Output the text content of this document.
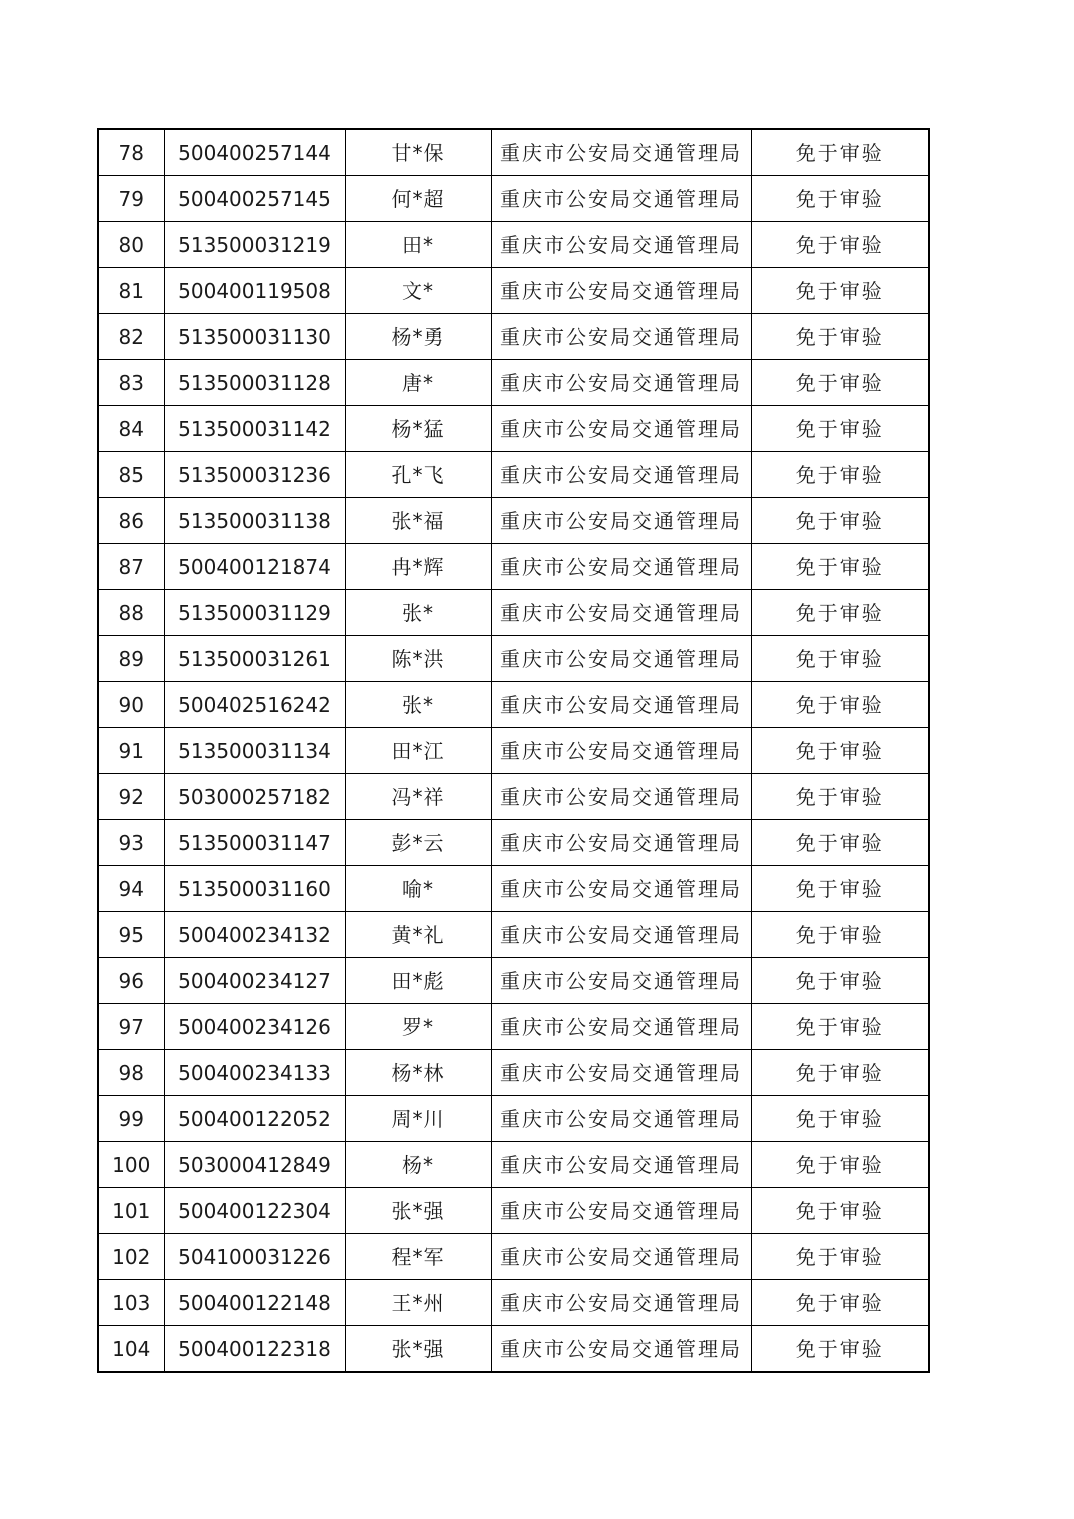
78	500400257144	甘*保	重庆市公安局交通管理局	免于审验
79	500400257145	何*超	重庆市公安局交通管理局	免于审验
80	513500031219	田*	重庆市公安局交通管理局	免于审验
81	500400119508	文*	重庆市公安局交通管理局	免于审验
82	513500031130	杨*勇	重庆市公安局交通管理局	免于审验
83	513500031128	唐*	重庆市公安局交通管理局	免于审验
84	513500031142	杨*猛	重庆市公安局交通管理局	免于审验
85	513500031236	孔*飞	重庆市公安局交通管理局	免于审验
86	513500031138	张*福	重庆市公安局交通管理局	免于审验
87	500400121874	冉*辉	重庆市公安局交通管理局	免于审验
88	513500031129	张*	重庆市公安局交通管理局	免于审验
89	513500031261	陈*洪	重庆市公安局交通管理局	免于审验
90	500402516242	张*	重庆市公安局交通管理局	免于审验
91	513500031134	田*江	重庆市公安局交通管理局	免于审验
92	503000257182	冯*祥	重庆市公安局交通管理局	免于审验
93	513500031147	彭*云	重庆市公安局交通管理局	免于审验
94	513500031160	喻*	重庆市公安局交通管理局	免于审验
95	500400234132	黄*礼	重庆市公安局交通管理局	免于审验
96	500400234127	田*彪	重庆市公安局交通管理局	免于审验
97	500400234126	罗*	重庆市公安局交通管理局	免于审验
98	500400234133	杨*林	重庆市公安局交通管理局	免于审验
99	500400122052	周*川	重庆市公安局交通管理局	免于审验
100	503000412849	杨*	重庆市公安局交通管理局	免于审验
101	500400122304	张*强	重庆市公安局交通管理局	免于审验
102	504100031226	程*军	重庆市公安局交通管理局	免于审验
103	500400122148	王*州	重庆市公安局交通管理局	免于审验
104	500400122318	张*强	重庆市公安局交通管理局	免于审验
